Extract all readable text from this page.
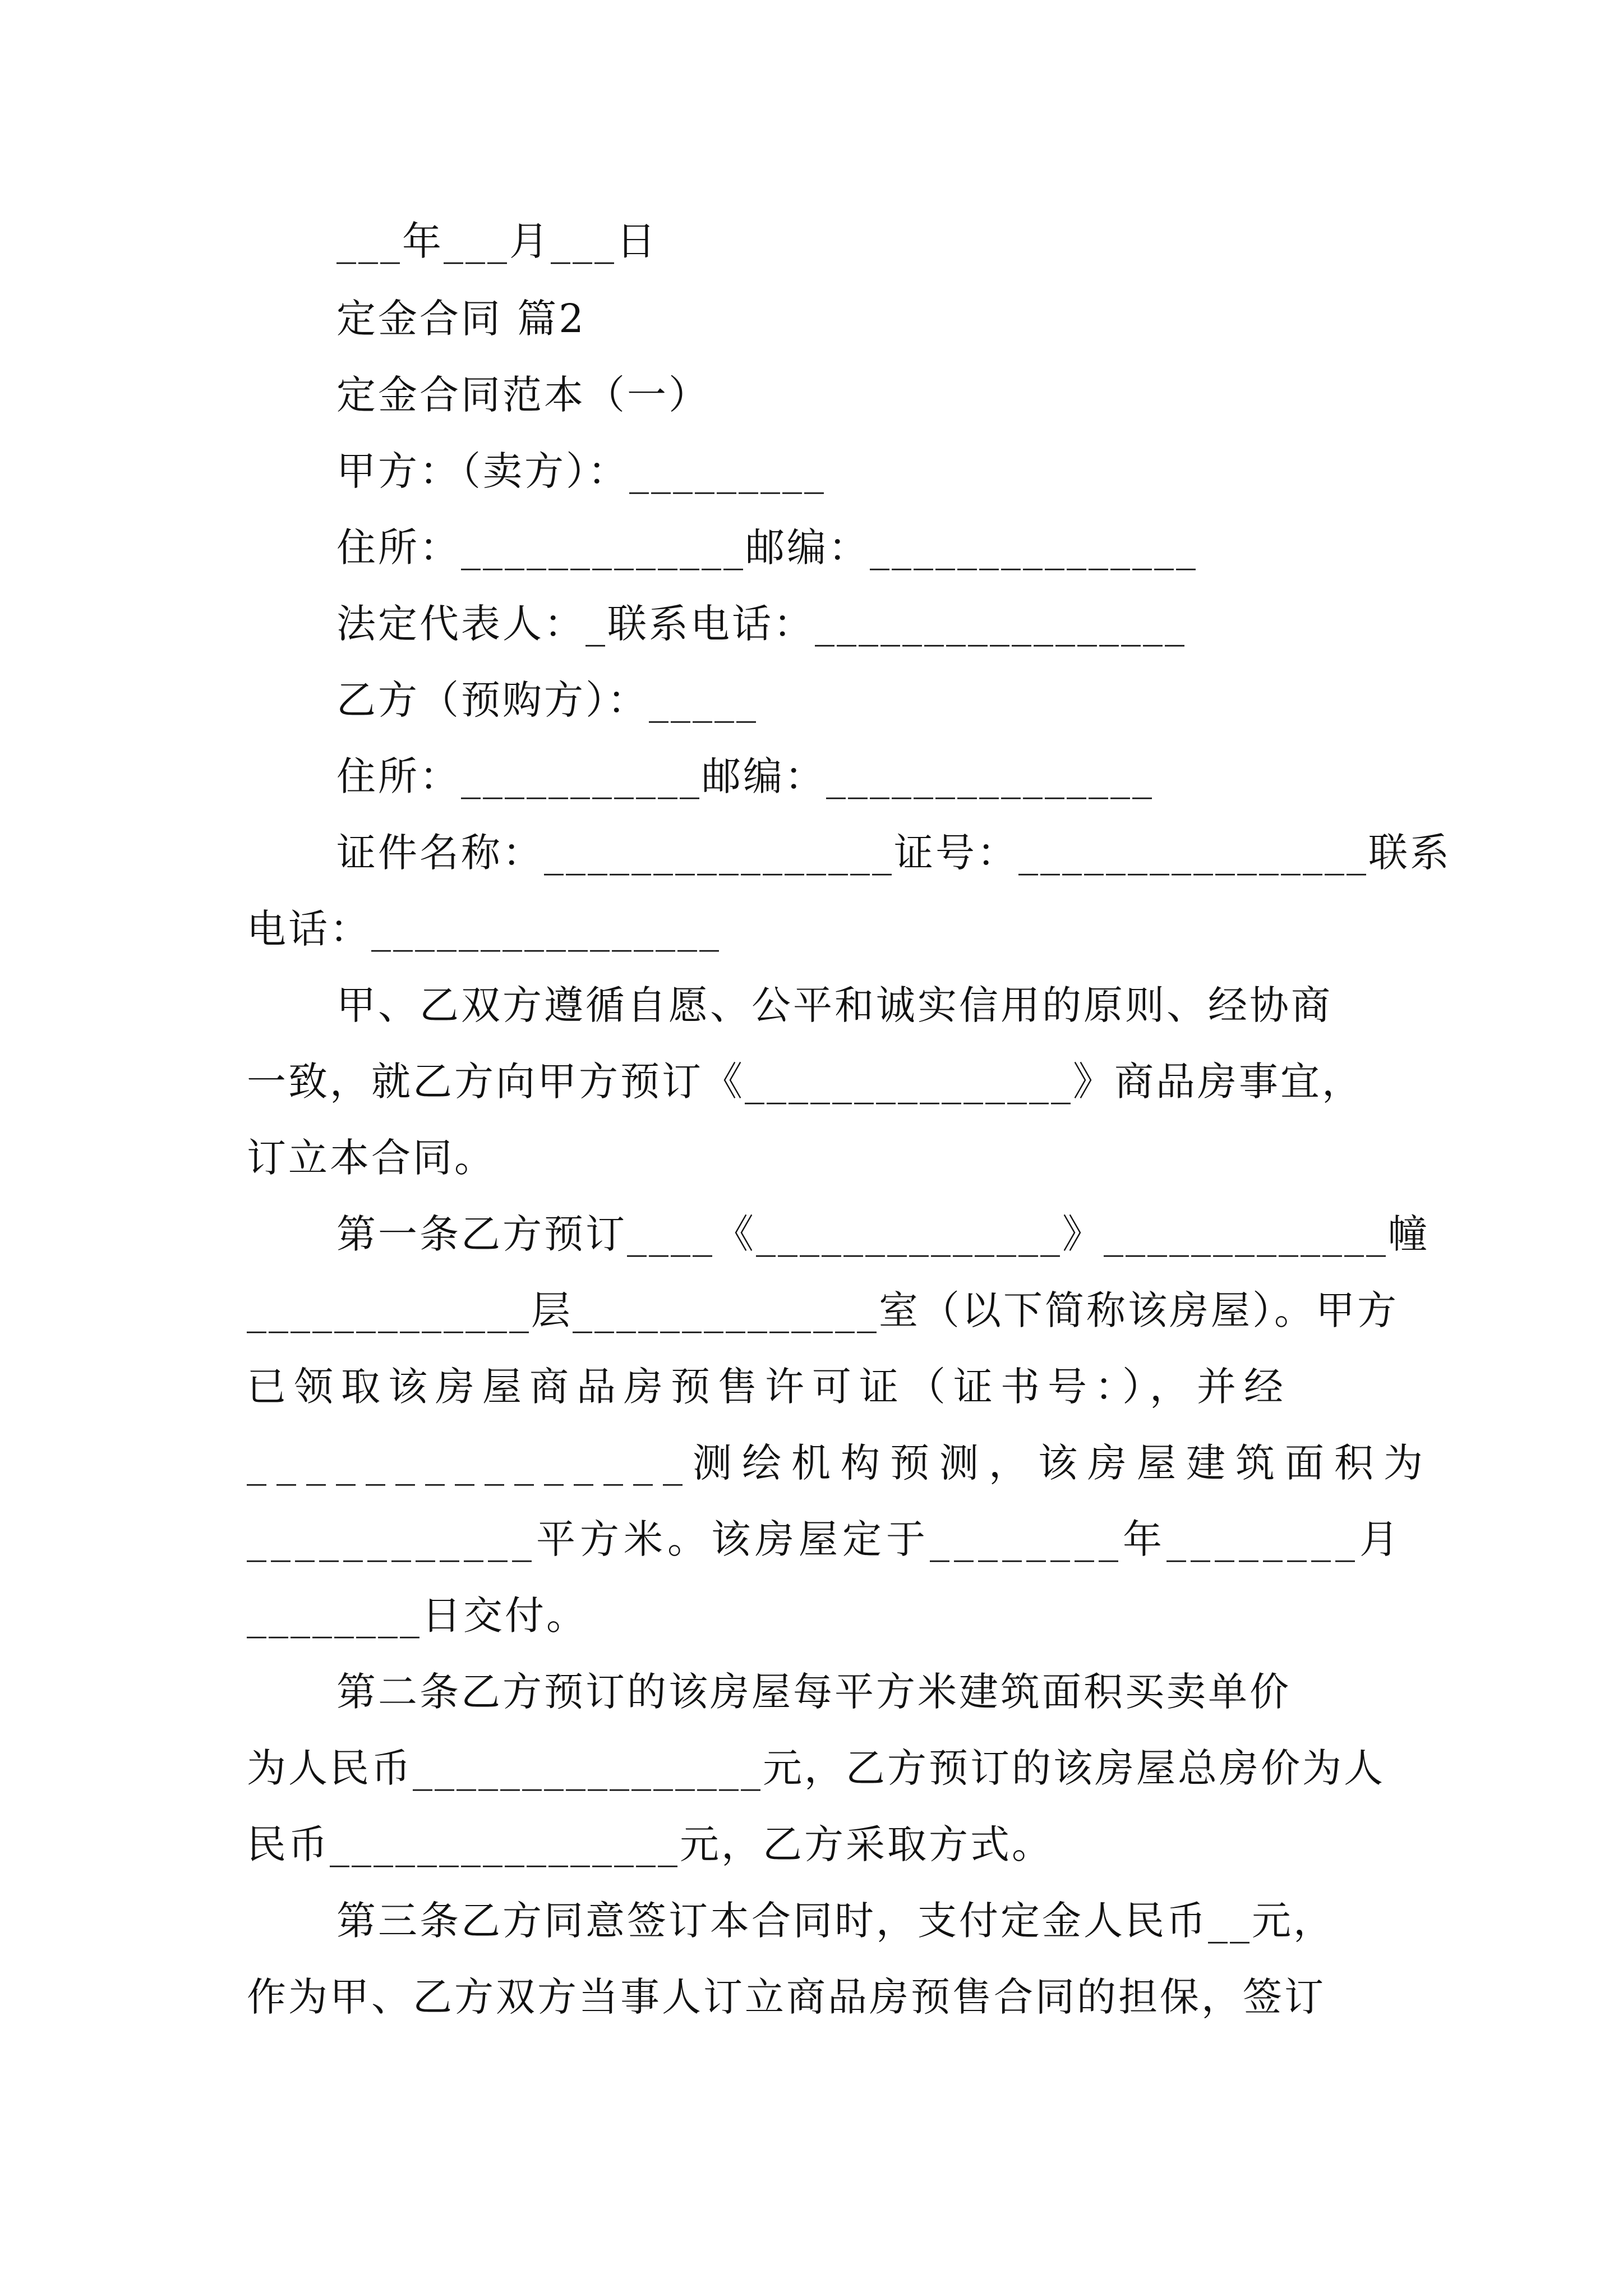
___年___月___日
定金合同 篇2
定金合同范本（一）
甲方：（卖方）：_________
住所：_____________邮编：_______________
法定代表人：_联系电话：_________________
乙方（预购方）：_____
住所：___________邮编：_______________
证件名称：________________证号：________________联系
电话：________________
甲、乙双方遵循自愿、公平和诚实信用的原则、经协商
一致，就乙方向甲方预订《_______________》商品房事宜，
订立本合同。
第一条乙方预订____《______________》_____________幢
_____________层______________室（以下简称该房屋）。甲方
已领取该房屋商品房预售许可证（证书号：），并经
_______________测绘机构预测，该房屋建筑面积为
____________平方米。该房屋定于________年________月
________日交付。
第二条乙方预订的该房屋每平方米建筑面积买卖单价
为人民币________________元，乙方预订的该房屋总房价为人
民币________________元，乙方采取方式。
第三条乙方同意签订本合同时，支付定金人民币__元，
作为甲、乙方双方当事人订立商品房预售合同的担保，签订
